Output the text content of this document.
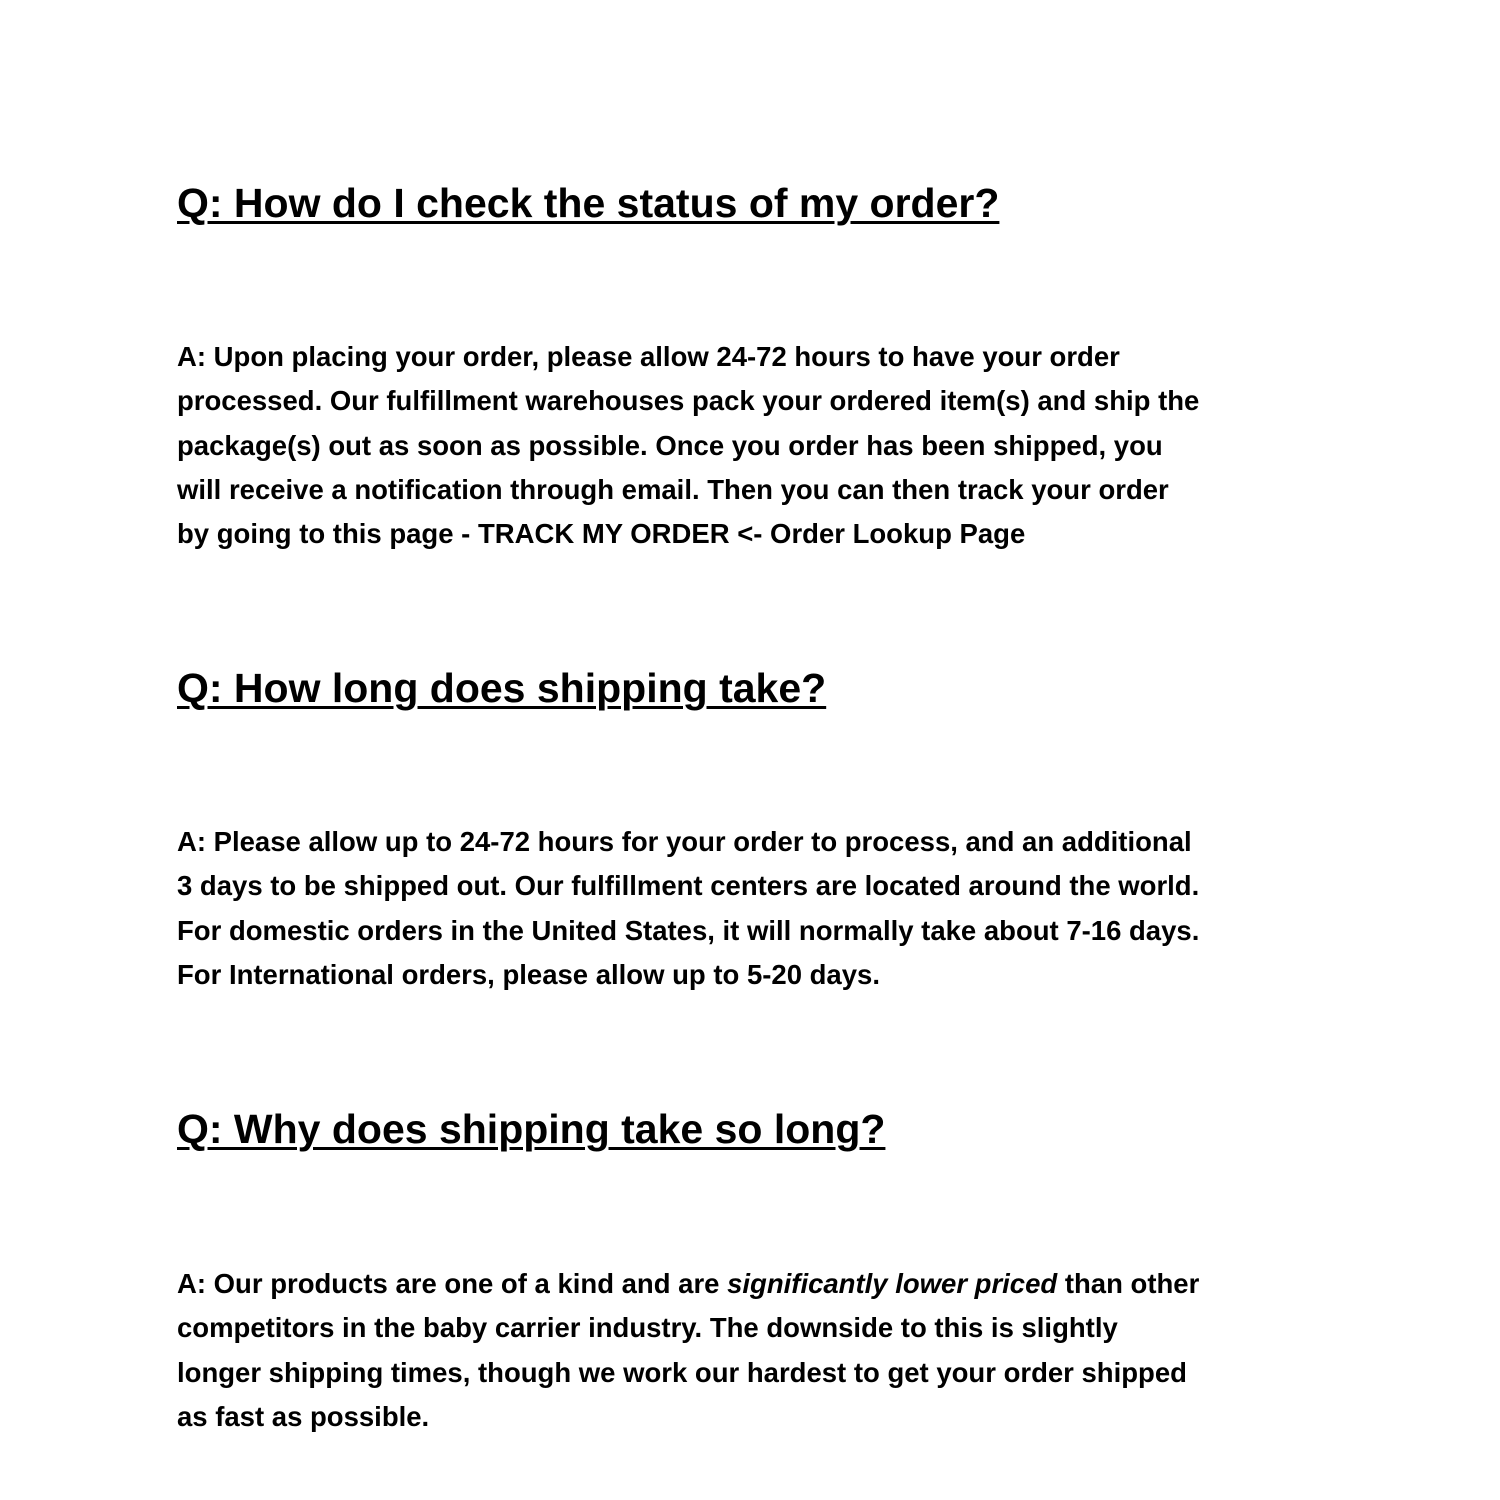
Q: How do I check the status of my order?
A: Upon placing your order, please allow 24-72 hours to have your order
processed. Our fulfillment warehouses pack your ordered item(s) and ship the
package(s) out as soon as possible. Once you order has been shipped, you
will receive a notification through email. Then you can then track your order
by going to this page - TRACK MY ORDER <- Order Lookup Page
Q: How long does shipping take?
A: Please allow up to 24-72 hours for your order to process, and an additional
3 days to be shipped out. Our fulfillment centers are located around the world.
For domestic orders in the United States, it will normally take about 7-16 days.
For International orders, please allow up to 5-20 days.
Q: Why does shipping take so long?
A: Our products are one of a kind and are significantly lower priced than other
competitors in the baby carrier industry. The downside to this is slightly
longer shipping times, though we work our hardest to get your order shipped
as fast as possible.
